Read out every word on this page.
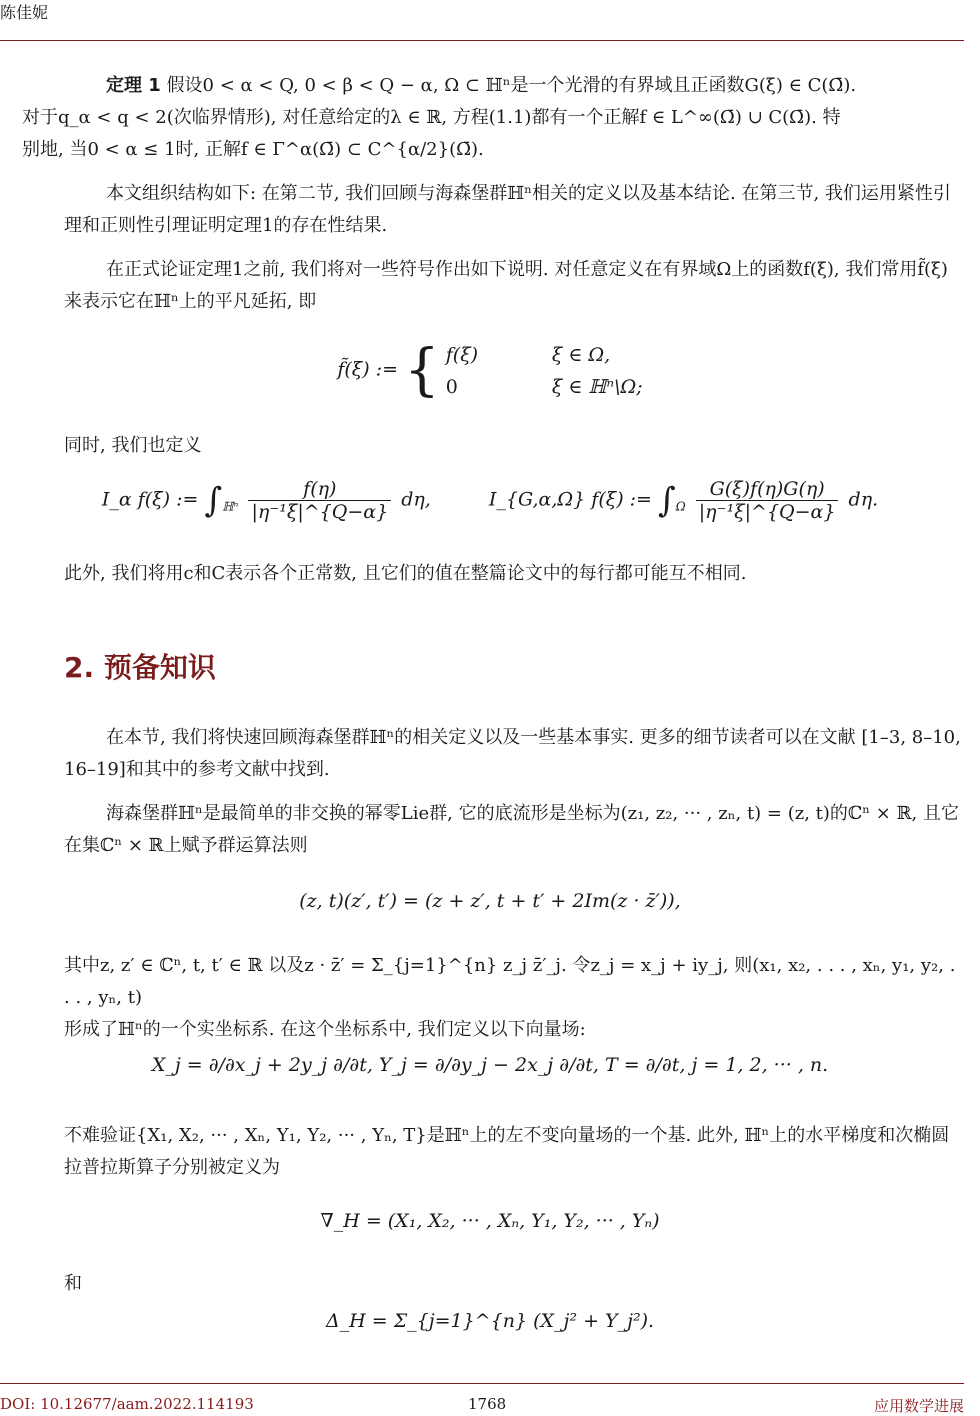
陈佳妮
定理 1 假设0 < α < Q, 0 < β < Q − α, Ω ⊂ ℍⁿ是一个光滑的有界域且正函数G(ξ) ∈ C(Ω̄).
对于q_α < q < 2(次临界情形), 对任意给定的λ ∈ ℝ, 方程(1.1)都有一个正解f ∈ L^∞(Ω̄) ∪ C(Ω̄). 特
别地, 当0 < α ≤ 1时, 正解f ∈ Γ^α(Ω̄) ⊂ C^{α/2}(Ω̄).
本文组织结构如下: 在第二节, 我们回顾与海森堡群ℍⁿ相关的定义以及基本结论. 在第三节, 我们运用紧性引理和正则性引理证明定理1的存在性结果.
在正式论证定理1之前, 我们将对一些符号作出如下说明. 对任意定义在有界域Ω上的函数f(ξ), 我们常用f̃(ξ)来表示它在ℍⁿ上的平凡延拓, 即
f̃(ξ) := { f(ξ)	ξ ∈ Ω,
0	ξ ∈ ℍⁿ\Ω;
同时, 我们也定义
I_α f(ξ) := $\int_{ℍ^n} \frac{f(\eta)}{\text{|η⁻¹ξ|\textasciicircum{}\{Q−α\}}} d\eta$,	I_{G,α,Ω} f(ξ) := $\int_\Omega \frac{G(\xi)f(\eta)G(\eta)}{\text{|η⁻¹ξ|\textasciicircum{}\{Q−α\}}} d\eta$.
此外, 我们将用c和C表示各个正常数, 且它们的值在整篇论文中的每行都可能互不相同.
2. 预备知识
在本节, 我们将快速回顾海森堡群ℍⁿ的相关定义以及一些基本事实. 更多的细节读者可以在文献 [1–3, 8–10, 16–19]和其中的参考文献中找到.
海森堡群ℍⁿ是最简单的非交换的幂零Lie群, 它的底流形是坐标为(z₁, z₂, ··· , zₙ, t) = (z, t)的ℂⁿ × ℝ, 且它在集ℂⁿ × ℝ上赋予群运算法则
(z, t)(z′, t′) = (z + z′, t + t′ + 2Im(z · z̄′)),
其中z, z′ ∈ ℂⁿ, t, t′ ∈ ℝ 以及z · z̄′ = Σ_{j=1}^{n} z_j z̄′_j. 令z_j = x_j + iy_j, 则(x₁, x₂, . . . , xₙ, y₁, y₂, . . . , yₙ, t)
形成了ℍⁿ的一个实坐标系. 在这个坐标系中, 我们定义以下向量场:
X_j = ∂/∂x_j + 2y_j ∂/∂t, Y_j = ∂/∂y_j − 2x_j ∂/∂t, T = ∂/∂t, j = 1, 2, ··· , n.
不难验证{X₁, X₂, ··· , Xₙ, Y₁, Y₂, ··· , Yₙ, T}是ℍⁿ上的左不变向量场的一个基. 此外, ℍⁿ上的水平梯度和次椭圆拉普拉斯算子分别被定义为
∇_H = (X₁, X₂, ··· , Xₙ, Y₁, Y₂, ··· , Yₙ)
和
Δ_H = Σ_{j=1}^{n} (X_j² + Y_j²).
DOI: 10.12677/aam.2022.114193	1768	应用数学进展
